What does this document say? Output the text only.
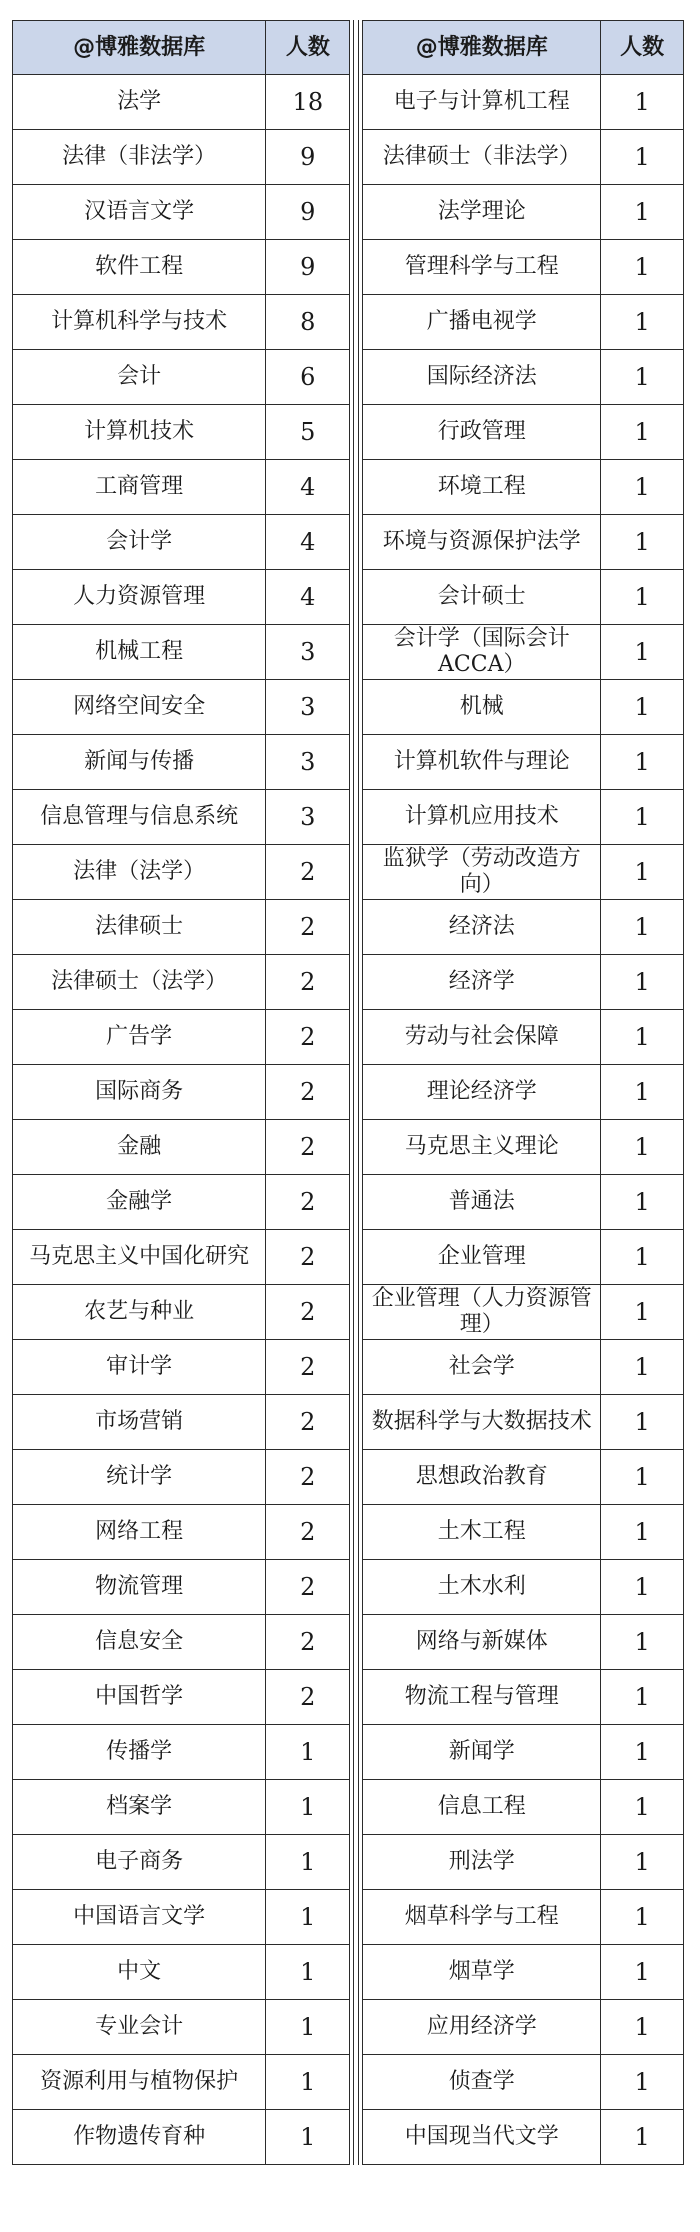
@博雅数据库	人数
法学	18
法律（非法学）	9
汉语言文学	9
软件工程	9
计算机科学与技术	8
会计	6
计算机技术	5
工商管理	4
会计学	4
人力资源管理	4
机械工程	3
网络空间安全	3
新闻与传播	3
信息管理与信息系统	3
法律（法学）	2
法律硕士	2
法律硕士（法学）	2
广告学	2
国际商务	2
金融	2
金融学	2
马克思主义中国化研究	2
农艺与种业	2
审计学	2
市场营销	2
统计学	2
网络工程	2
物流管理	2
信息安全	2
中国哲学	2
传播学	1
档案学	1
电子商务	1
中国语言文学	1
中文	1
专业会计	1
资源利用与植物保护	1
作物遗传育种	1
@博雅数据库	人数
电子与计算机工程	1
法律硕士（非法学）	1
法学理论	1
管理科学与工程	1
广播电视学	1
国际经济法	1
行政管理	1
环境工程	1
环境与资源保护法学	1
会计硕士	1
会计学（国际会计ACCA）	1
机械	1
计算机软件与理论	1
计算机应用技术	1
监狱学（劳动改造方向）	1
经济法	1
经济学	1
劳动与社会保障	1
理论经济学	1
马克思主义理论	1
普通法	1
企业管理	1
企业管理（人力资源管理）	1
社会学	1
数据科学与大数据技术	1
思想政治教育	1
土木工程	1
土木水利	1
网络与新媒体	1
物流工程与管理	1
新闻学	1
信息工程	1
刑法学	1
烟草科学与工程	1
烟草学	1
应用经济学	1
侦查学	1
中国现当代文学	1
